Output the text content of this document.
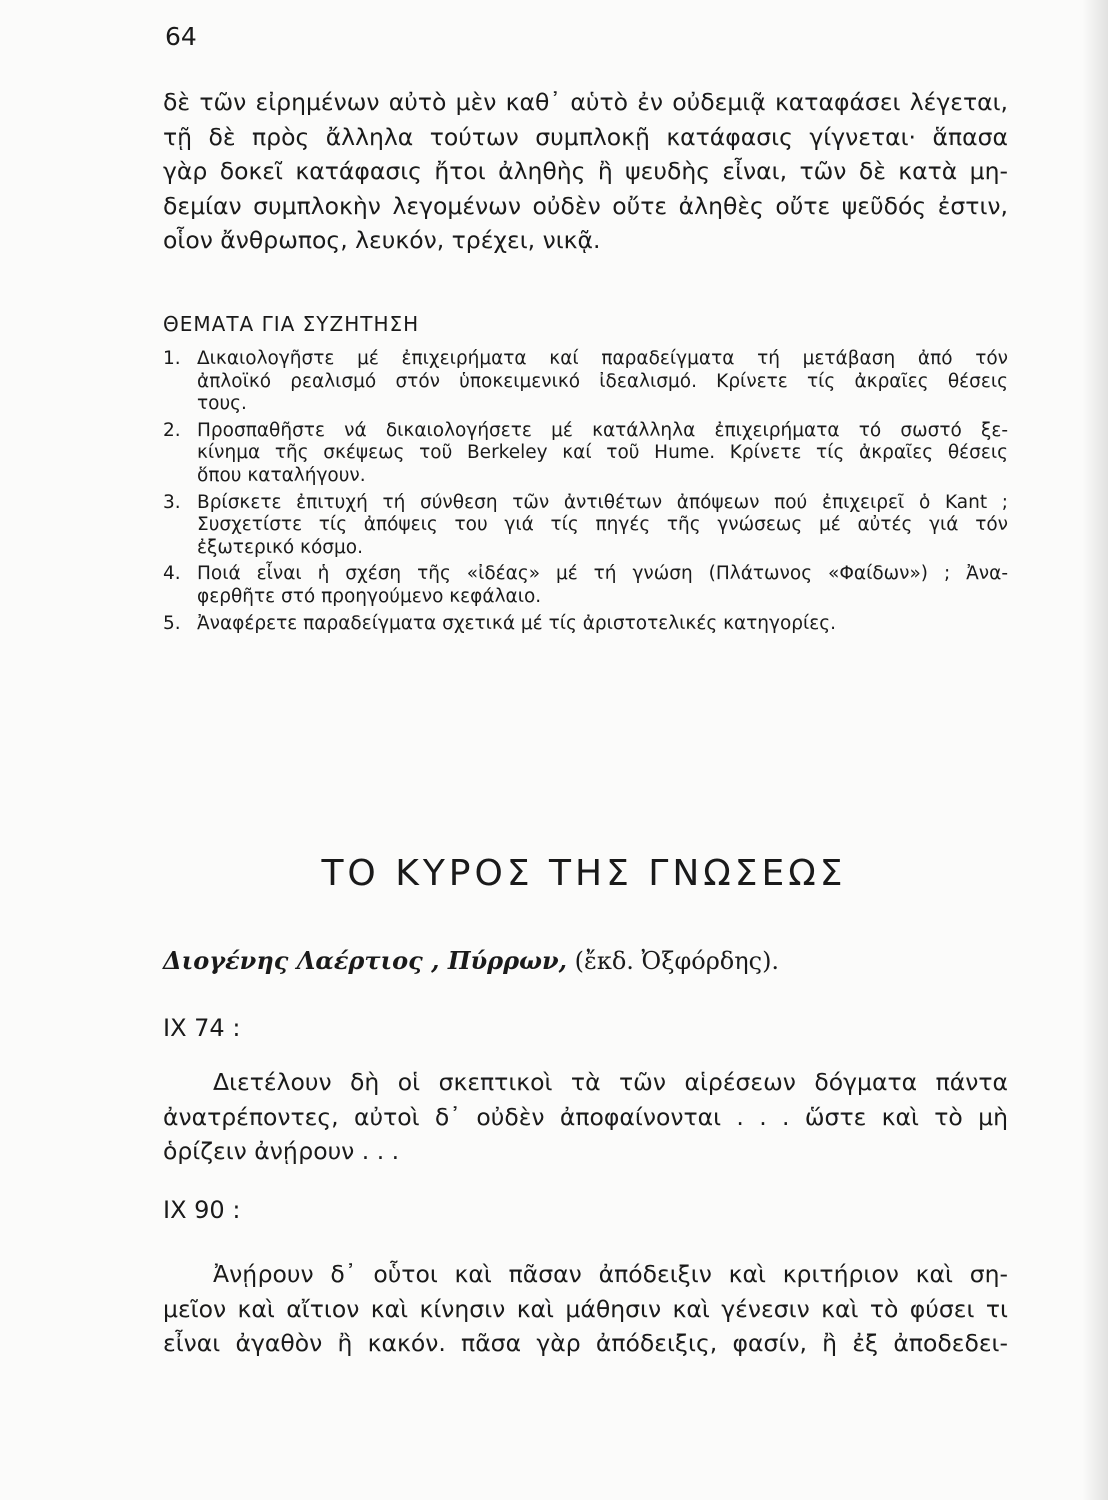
64
δὲ τῶν εἰρημένων αὐτὸ μὲν καθ᾿ αὑτὸ ἐν οὐδεμιᾷ καταφάσει λέγεται,
τῇ δὲ πρὸς ἄλληλα τούτων συμπλοκῇ κατάφασις γίγνεται· ἅπασα
γὰρ δοκεῖ κατάφασις ἤτοι ἀληθὴς ἢ ψευδὴς εἶναι, τῶν δὲ κατὰ μη-
δεμίαν συμπλοκὴν λεγομένων οὐδὲν οὔτε ἀληθὲς οὔτε ψεῦδός ἐστιν,
οἷον ἄνθρωπος, λευκόν, τρέχει, νικᾷ.
ΘΕΜΑΤΑ ΓΙΑ ΣΥΖΗΤΗΣΗ
1. Δικαιολογῆστε μέ ἐπιχειρήματα καί παραδείγματα τή μετάβαση ἀπό τόν
ἀπλοϊκό ρεαλισμό στόν ὑποκειμενικό ἰδεαλισμό. Κρίνετε τίς ἀκραῖες θέσεις
τους.
2. Προσπαθῆστε νά δικαιολογήσετε μέ κατάλληλα ἐπιχειρήματα τό σωστό ξε-
κίνημα τῆς σκέψεως τοῦ Berkeley καί τοῦ Hume. Κρίνετε τίς ἀκραῖες θέσεις
ὅπου καταλήγουν.
3. Βρίσκετε ἐπιτυχή τή σύνθεση τῶν ἀντιθέτων ἀπόψεων πού ἐπιχειρεῖ ὁ Kant ;
Συσχετίστε τίς ἀπόψεις του γιά τίς πηγές τῆς γνώσεως μέ αὐτές γιά τόν
ἐξωτερικό κόσμο.
4. Ποιά εἶναι ἡ σχέση τῆς «ἰδέας» μέ τή γνώση (Πλάτωνος «Φαίδων») ; Ἀνα-
φερθῆτε στό προηγούμενο κεφάλαιο.
5. Ἀναφέρετε παραδείγματα σχετικά μέ τίς ἀριστοτελικές κατηγορίες.
ΤΟ ΚΥΡΟΣ ΤΗΣ ΓΝΩΣΕΩΣ
Διογένης Λαέρτιος , Πύρρων, (ἔκδ. Ὀξφόρδης).
IX 74 :
Διετέλουν δὴ οἱ σκεπτικοὶ τὰ τῶν αἱρέσεων δόγματα πάντα
ἀνατρέποντες, αὐτοὶ δ᾿ οὐδὲν ἀποφαίνονται . . . ὥστε καὶ τὸ μὴ
ὁρίζειν ἀνῄρουν . . .
IX 90 :
Ἀνῄρουν δ᾿ οὗτοι καὶ πᾶσαν ἀπόδειξιν καὶ κριτήριον καὶ ση-
μεῖον καὶ αἴτιον καὶ κίνησιν καὶ μάθησιν καὶ γένεσιν καὶ τὸ φύσει τι
εἶναι ἀγαθὸν ἢ κακόν. πᾶσα γὰρ ἀπόδειξις, φασίν, ἢ ἐξ ἀποδεδει-
